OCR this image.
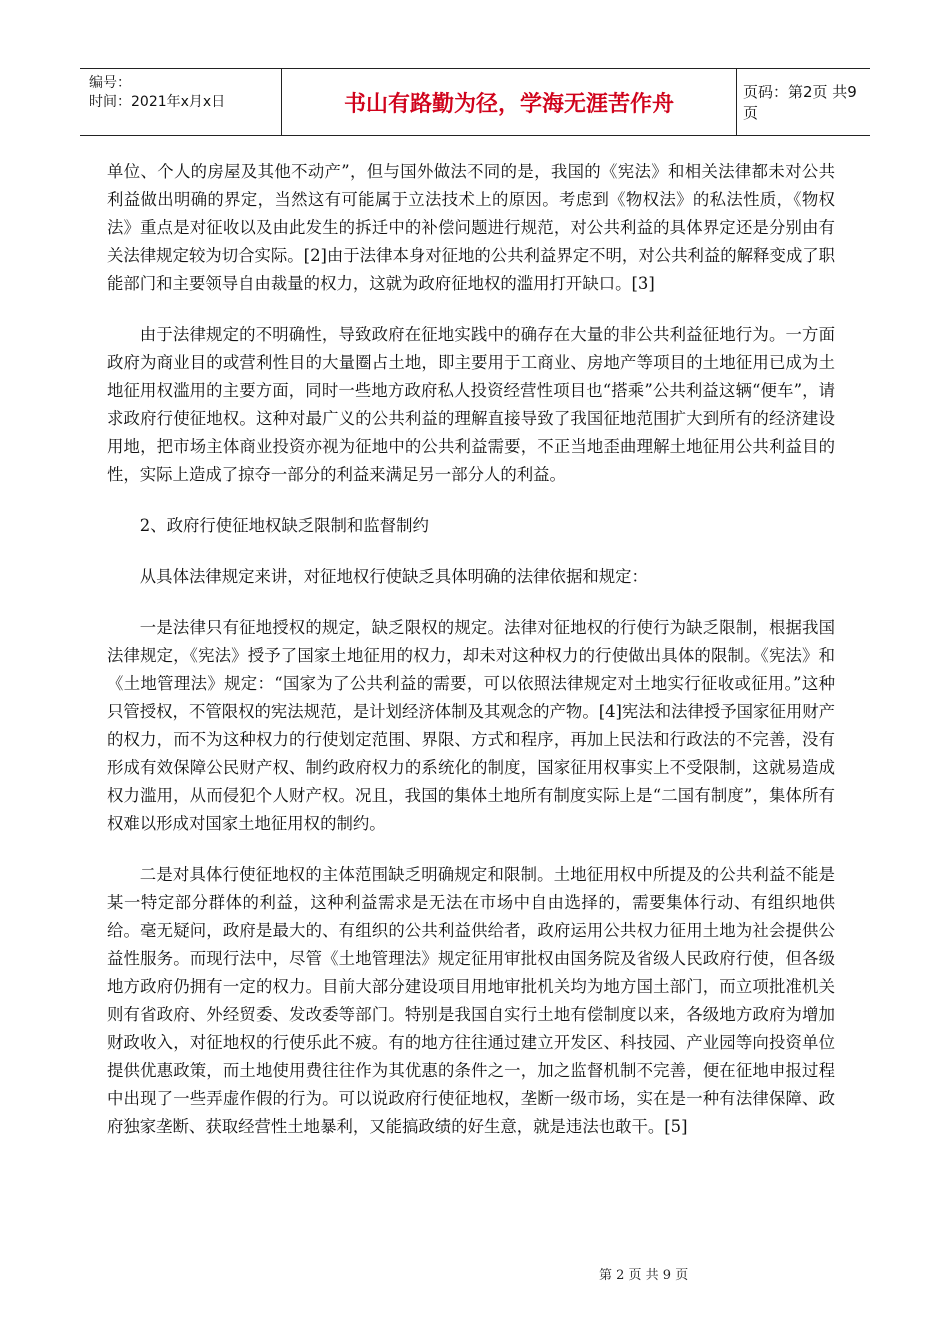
编号：
时间：2021年x月x日	书山有路勤为径，学海无涯苦作舟	页码：第2页 共9页

单位、个人的房屋及其他不动产”，但与国外做法不同的是，我国的《宪法》和相关法律都未对公共利益做出明确的界定，当然这有可能属于立法技术上的原因。考虑到《物权法》的私法性质，《物权法》重点是对征收以及由此发生的拆迁中的补偿问题进行规范，对公共利益的具体界定还是分别由有关法律规定较为切合实际。[2]由于法律本身对征地的公共利益界定不明，对公共利益的解释变成了职能部门和主要领导自由裁量的权力，这就为政府征地权的滥用打开缺口。[3]

由于法律规定的不明确性，导致政府在征地实践中的确存在大量的非公共利益征地行为。一方面政府为商业目的或营利性目的大量圈占土地，即主要用于工商业、房地产等项目的土地征用已成为土地征用权滥用的主要方面，同时一些地方政府私人投资经营性项目也“搭乘”公共利益这辆“便车”，请求政府行使征地权。这种对最广义的公共利益的理解直接导致了我国征地范围扩大到所有的经济建设用地，把市场主体商业投资亦视为征地中的公共利益需要，不正当地歪曲理解土地征用公共利益目的性，实际上造成了掠夺一部分的利益来满足另一部分人的利益。

2、政府行使征地权缺乏限制和监督制约

从具体法律规定来讲，对征地权行使缺乏具体明确的法律依据和规定：

一是法律只有征地授权的规定，缺乏限权的规定。法律对征地权的行使行为缺乏限制，根据我国法律规定，《宪法》授予了国家土地征用的权力，却未对这种权力的行使做出具体的限制。《宪法》和《土地管理法》规定：“国家为了公共利益的需要，可以依照法律规定对土地实行征收或征用。”这种只管授权，不管限权的宪法规范，是计划经济体制及其观念的产物。[4]宪法和法律授予国家征用财产的权力，而不为这种权力的行使划定范围、界限、方式和程序，再加上民法和行政法的不完善，没有形成有效保障公民财产权、制约政府权力的系统化的制度，国家征用权事实上不受限制，这就易造成权力滥用，从而侵犯个人财产权。况且，我国的集体土地所有制度实际上是“二国有制度”，集体所有权难以形成对国家土地征用权的制约。

二是对具体行使征地权的主体范围缺乏明确规定和限制。土地征用权中所提及的公共利益不能是某一特定部分群体的利益，这种利益需求是无法在市场中自由选择的，需要集体行动、有组织地供给。毫无疑问，政府是最大的、有组织的公共利益供给者，政府运用公共权力征用土地为社会提供公益性服务。而现行法中，尽管《土地管理法》规定征用审批权由国务院及省级人民政府行使，但各级地方政府仍拥有一定的权力。目前大部分建设项目用地审批机关均为地方国土部门，而立项批准机关则有省政府、外经贸委、发改委等部门。特别是我国自实行土地有偿制度以来，各级地方政府为增加财政收入，对征地权的行使乐此不疲。有的地方往往通过建立开发区、科技园、产业园等向投资单位提供优惠政策，而土地使用费往往作为其优惠的条件之一，加之监督机制不完善，便在征地申报过程中出现了一些弄虚作假的行为。可以说政府行使征地权，垄断一级市场，实在是一种有法律保障、政府独家垄断、获取经营性土地暴利，又能搞政绩的好生意，就是违法也敢干。[5]

第 2 页 共 9 页
